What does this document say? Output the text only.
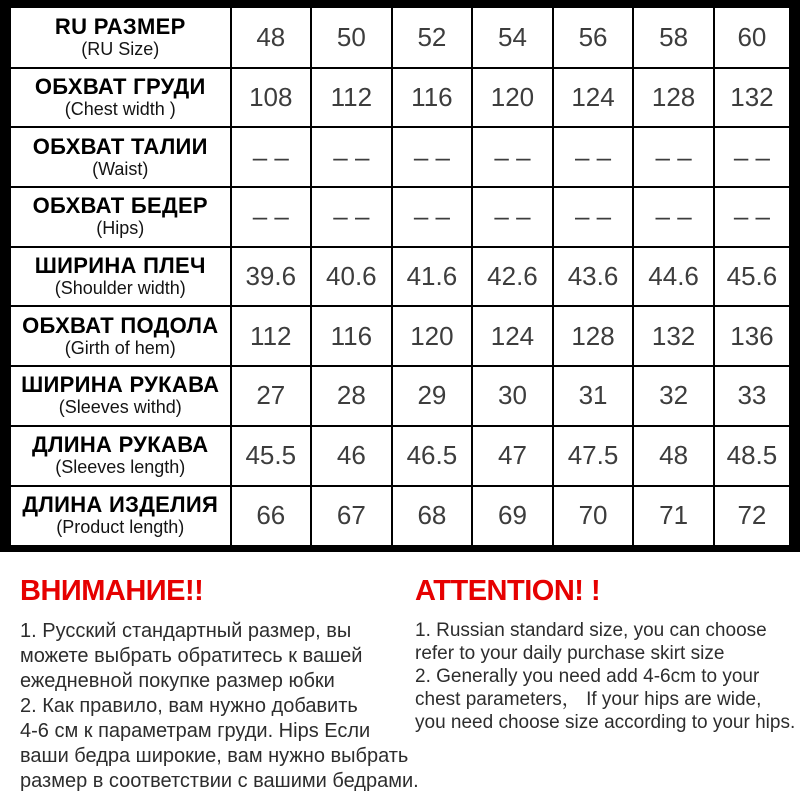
RU РАЗМЕР
(RU Size)	48	50	52	54	56	58	60

ОБХВАТ ГРУДИ
(Chest width )	108	112	116	120	124	128	132

ОБХВАТ ТАЛИИ
(Waist)	– –	– –	– –	– –	– –	– –	– –

ОБХВАТ БЕДЕР
(Hips)	– –	– –	– –	– –	– –	– –	– –

ШИРИНА ПЛЕЧ
(Shoulder width)	39.6	40.6	41.6	42.6	43.6	44.6	45.6

ОБХВАТ ПОДОЛА
(Girth of hem)	112	116	120	124	128	132	136

ШИРИНА РУКАВА
(Sleeves withd)	27	28	29	30	31	32	33

ДЛИНА РУКАВА
(Sleeves length)	45.5	46	46.5	47	47.5	48	48.5

ДЛИНА ИЗДЕЛИЯ
(Product length)	66	67	68	69	70	71	72
ВНИМАНИЕ!!
1. Русский стандартный размер, вы
можете выбрать обратитесь к вашей
ежедневной покупке размер юбки
2. Как правило, вам нужно добавить
4-6 см к параметрам груди. Hips Если
ваши бедра широкие, вам нужно выбрать
размер в соответствии с вашими бедрами.
ATTENTION! !
1. Russian standard size, you can choose
refer to your daily purchase skirt size
2. Generally you need add 4-6cm to your
chest parameters， If your hips are wide,
you need choose size according to your hips.
